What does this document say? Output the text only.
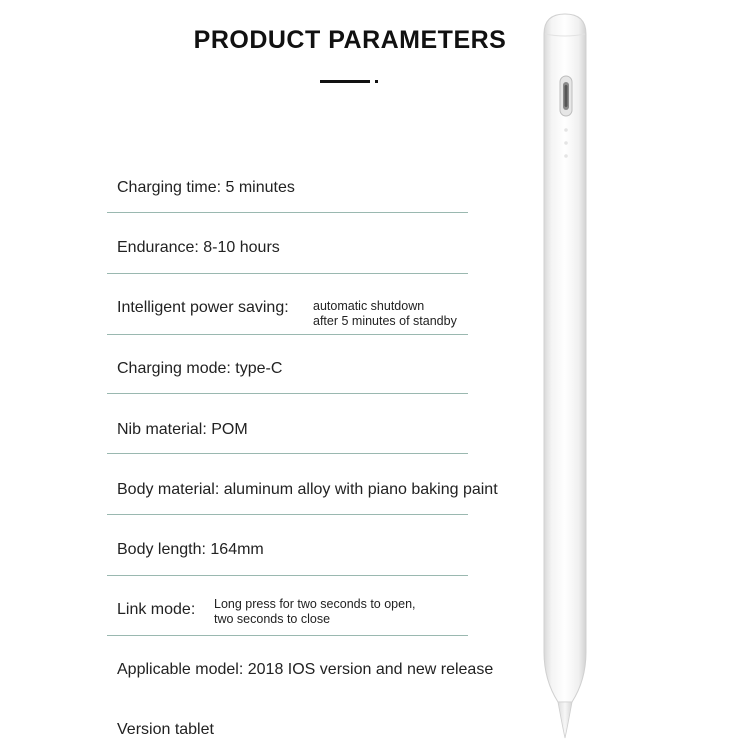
PRODUCT PARAMETERS
Charging time: 5 minutes
Endurance: 8-10 hours
Intelligent power saving: automatic shutdown
after 5 minutes of standby
Charging mode: type-C
Nib material: POM
Body material: aluminum alloy with piano baking paint
Body length: 164mm
Link mode: Long press for two seconds to open,
two seconds to close
Applicable model: 2018 IOS version and new release
Version tablet
